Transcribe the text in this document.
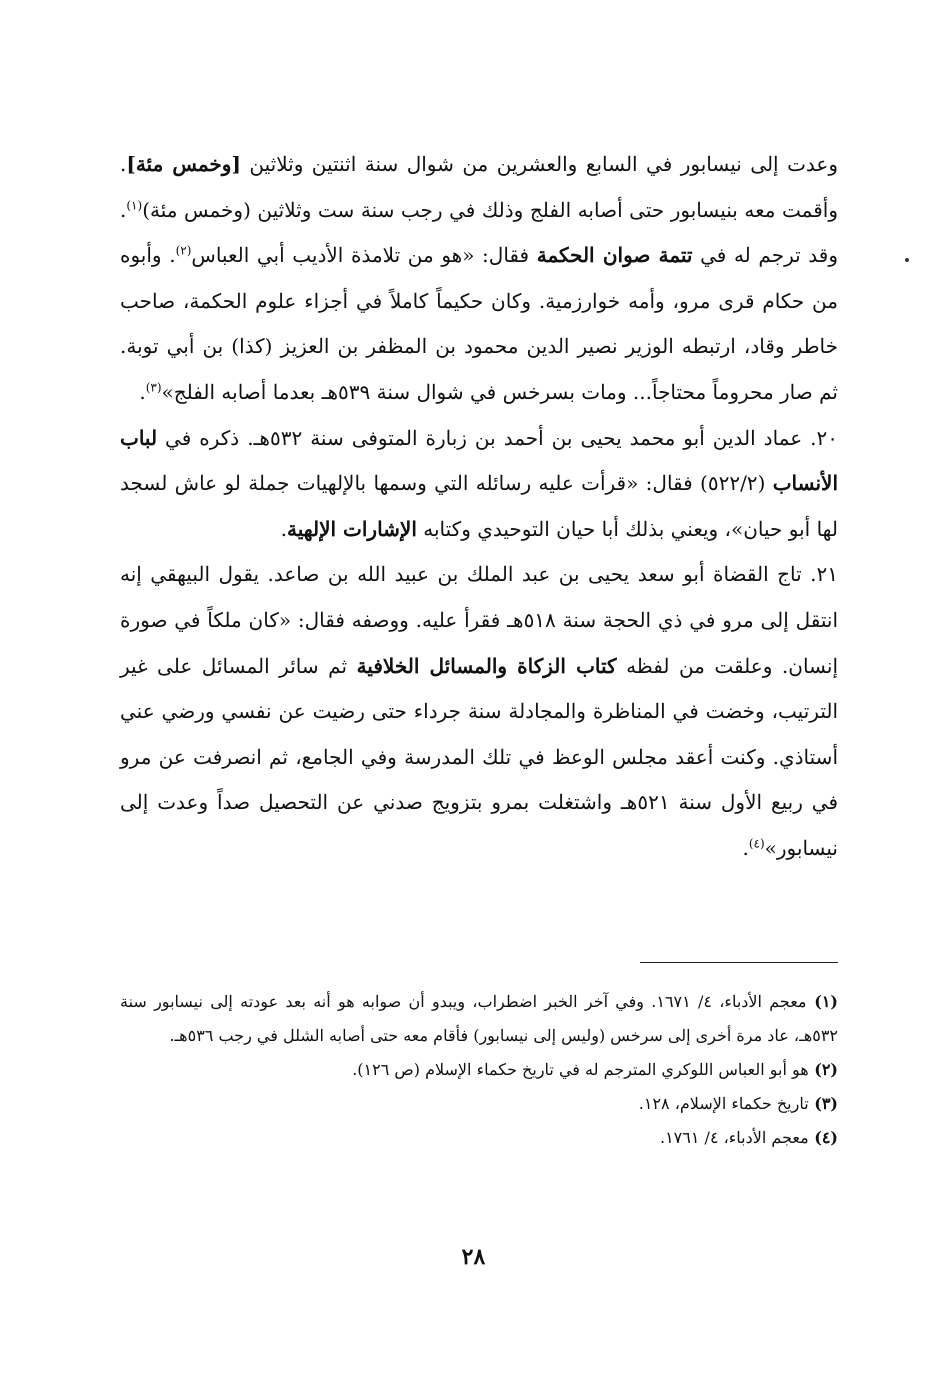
وعدت إلى نيسابور في السابع والعشرين من شوال سنة اثنتين وثلاثين [وخمس مئة]. وأقمت معه بنيسابور حتى أصابه الفلج وذلك في رجب سنة ست وثلاثين (وخمس مئة)$^{(١)}$. وقد ترجم له في تتمة صوان الحكمة فقال: «هو من تلامذة الأديب أبي العباس$^{(٢)}$. وأبوه من حكام قرى مرو، وأمه خوارزمية. وكان حكيماً كاملاً في أجزاء علوم الحكمة، صاحب خاطر وقاد، ارتبطه الوزير نصير الدين محمود بن المظفر بن العزيز (كذا) بن أبي توبة. ثم صار محروماً محتاجاً... ومات بسرخس في شوال سنة ٥٣٩هـ بعدما أصابه الفلج»$^{(٣)}$.

٢٠. عماد الدين أبو محمد يحيى بن أحمد بن زبارة المتوفى سنة ٥٣٢هـ. ذكره في لباب الأنساب (٥٢٢/٢) فقال: «قرأت عليه رسائله التي وسمها بالإلهيات جملة لو عاش لسجد لها أبو حيان»، ويعني بذلك أبا حيان التوحيدي وكتابه الإشارات الإلهية.

٢١. تاج القضاة أبو سعد يحيى بن عبد الملك بن عبيد الله بن صاعد. يقول البيهقي إنه انتقل إلى مرو في ذي الحجة سنة ٥١٨هـ فقرأ عليه. ووصفه فقال: «كان ملكاً في صورة إنسان. وعلقت من لفظه كتاب الزكاة والمسائل الخلافية ثم سائر المسائل على غير الترتيب، وخضت في المناظرة والمجادلة سنة جرداء حتى رضيت عن نفسي ورضي عني أستاذي. وكنت أعقد مجلس الوعظ في تلك المدرسة وفي الجامع، ثم انصرفت عن مرو في ربيع الأول سنة ٥٢١هـ واشتغلت بمرو بتزويج صدني عن التحصيل صداً وعدت إلى نيسابور»$^{(٤)}$.

(١) معجم الأدباء، ٤/ ١٦٧١. وفي آخر الخبر اضطراب، ويبدو أن صوابه هو أنه بعد عودته إلى نيسابور سنة ٥٣٢هـ، عاد مرة أخرى إلى سرخس (وليس إلى نيسابور) فأقام معه حتى أصابه الشلل في رجب ٥٣٦هـ.

(٢) هو أبو العباس اللوكري المترجم له في تاريخ حكماء الإسلام (ص ١٢٦).

(٣) تاريخ حكماء الإسلام، ١٢٨.

(٤) معجم الأدباء، ٤/ ١٧٦١.

٢٨
